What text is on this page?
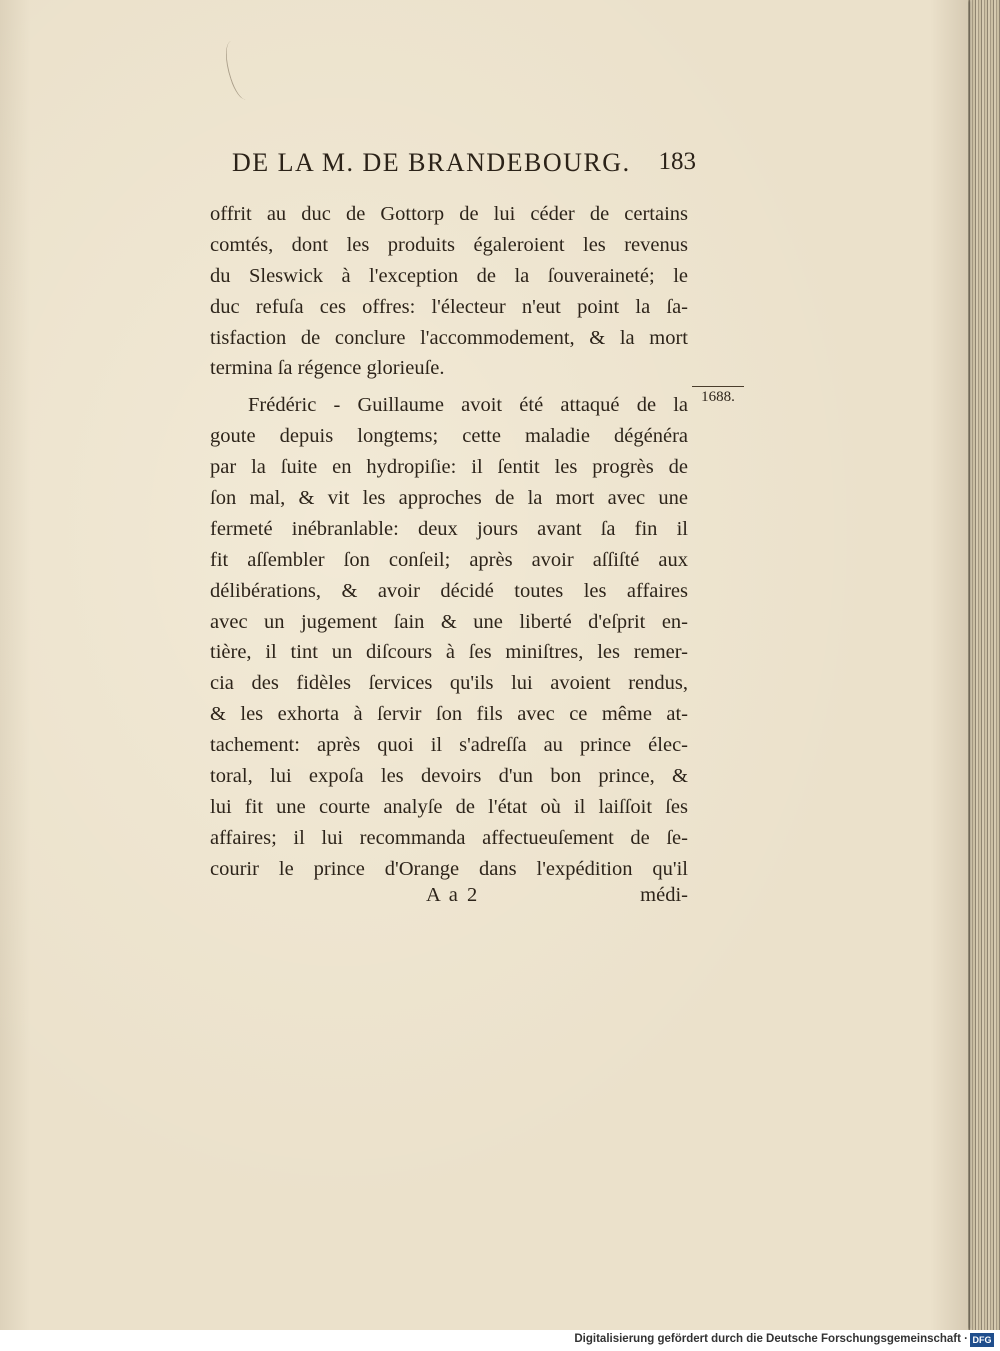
DE LA M. DE BRANDEBOURG. 183
offrit au duc de Gottorp de lui céder de certains
comtés, dont les produits égaleroient les revenus
du Sleswick à l'exception de la ſouveraineté; le
duc refuſa ces offres: l'électeur n'eut point la ſa-
tisfaction de conclure l'accommodement, & la mort
termina ſa régence glorieuſe.
Frédéric - Guillaume avoit été attaqué de la
goute depuis longtems; cette maladie dégénéra
par la ſuite en hydropiſie: il ſentit les progrès de
ſon mal, & vit les approches de la mort avec une
fermeté inébranlable: deux jours avant ſa fin il
fit aſſembler ſon conſeil; après avoir aſſiſté aux
délibérations, & avoir décidé toutes les affaires
avec un jugement ſain & une liberté d'eſprit en-
tière, il tint un diſcours à ſes miniſtres, les remer-
cia des fidèles ſervices qu'ils lui avoient rendus,
& les exhorta à ſervir ſon fils avec ce même at-
tachement: après quoi il s'adreſſa au prince élec-
toral, lui expoſa les devoirs d'un bon prince, &
lui fit une courte analyſe de l'état où il laiſſoit ſes
affaires; il lui recommanda affectueuſement de ſe-
courir le prince d'Orange dans l'expédition qu'il
1688.
A a 2	médi-
Digitalisierung gefördert durch die Deutsche Forschungsgemeinschaft · DFG
